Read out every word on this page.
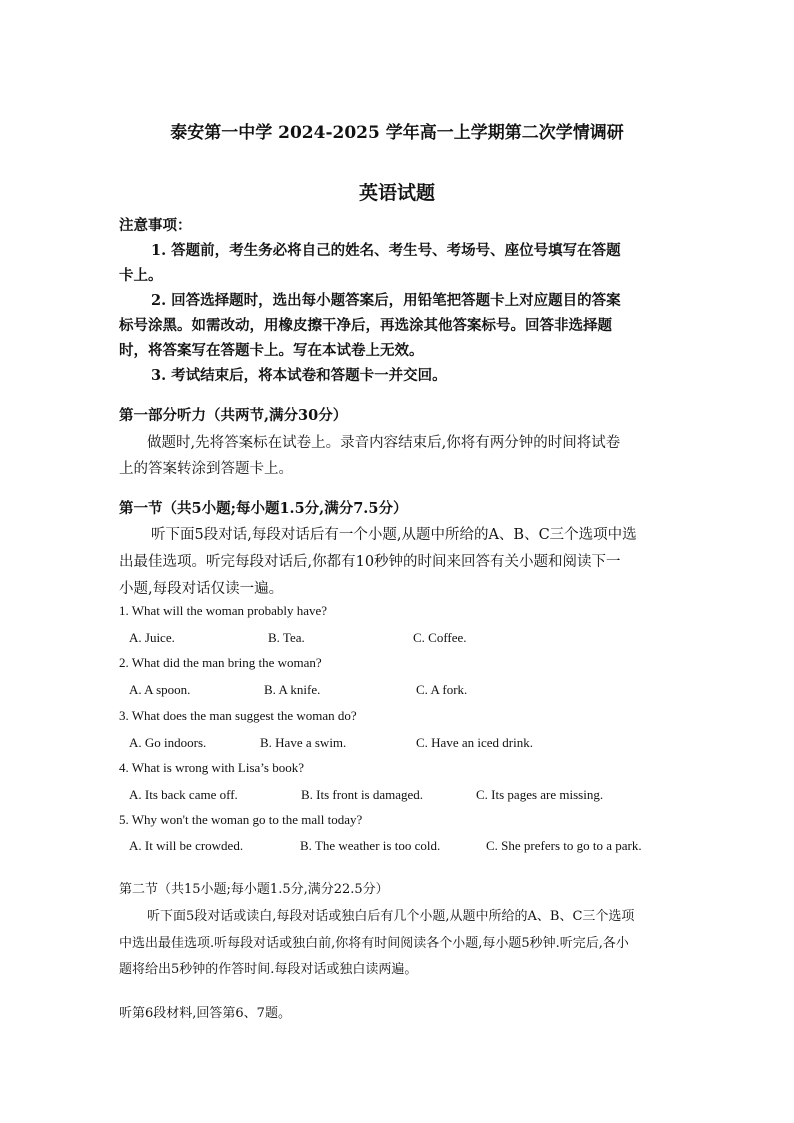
泰安第一中学 2024-2025 学年高一上学期第二次学情调研
英语试题
注意事项：
1. 答题前，考生务必将自己的姓名、考生号、考场号、座位号填写在答题
卡上。
2. 回答选择题时，选出每小题答案后，用铅笔把答题卡上对应题目的答案
标号涂黑。如需改动，用橡皮擦干净后，再选涂其他答案标号。回答非选择题
时，将答案写在答题卡上。写在本试卷上无效。
3. 考试结束后，将本试卷和答题卡一并交回。
第一部分听力（共两节,满分30分）
做题时,先将答案标在试卷上。录音内容结束后,你将有两分钟的时间将试卷
上的答案转涂到答题卡上。
第一节（共5小题;每小题1.5分,满分7.5分）
听下面5段对话,每段对话后有一个小题,从题中所给的A、B、C三个选项中选
出最佳选项。听完每段对话后,你都有10秒钟的时间来回答有关小题和阅读下一
小题,每段对话仅读一遍。
1. What will the woman probably have?
A. Juice.	B. Tea.	C. Coffee.
2. What did the man bring the woman?
A. A spoon.	B. A knife.	C. A fork.
3. What does the man suggest the woman do?
A. Go indoors.	B. Have a swim.	C. Have an iced drink.
4. What is wrong with Lisa’s book?
A. Its back came off.	B. Its front is damaged.	C. Its pages are missing.
5. Why won't the woman go to the mall today?
A. It will be crowded.	B. The weather is too cold.	C. She prefers to go to a park.
第二节（共15小题;每小题1.5分,满分22.5分）
听下面5段对话或读白,每段对话或独白后有几个小题,从题中所给的A、B、C三个选项
中选出最佳选项.听每段对话或独白前,你将有时间阅读各个小题,每小题5秒钟.听完后,各小
题将给出5秒钟的作答时间.每段对话或独白读两遍。
听第6段材料,回答第6、7题。
